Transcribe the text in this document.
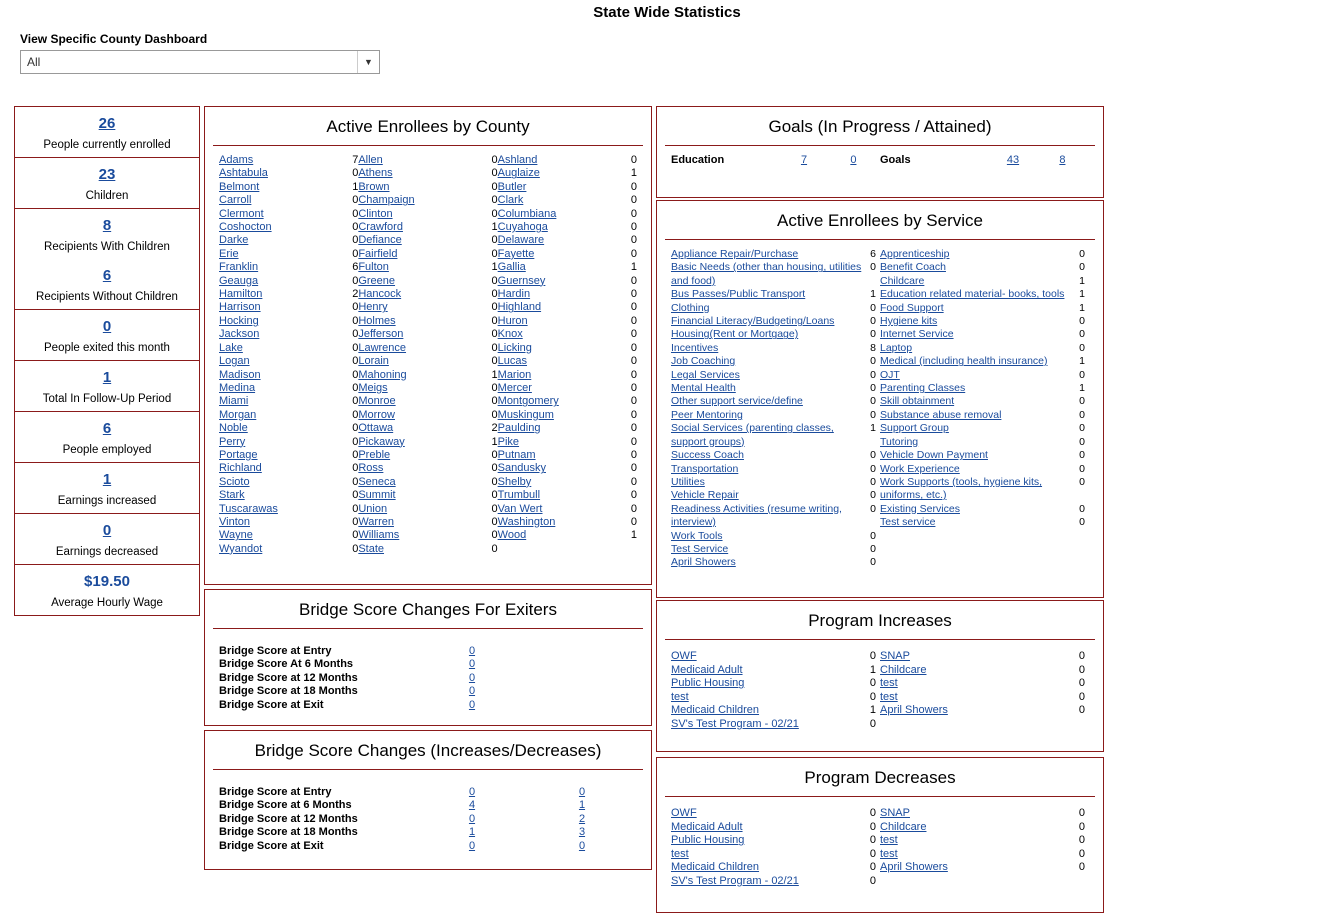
State Wide Statistics
View Specific County Dashboard
All	▼
26
People currently enrolled
23
Children
8
Recipients With Children
6
Recipients Without Children
0
People exited this month
1
Total In Follow-Up Period
6
People employed
1
Earnings increased
0
Earnings decreased
$19.50
Average Hourly Wage
Active Enrollees by County
Adams	7
Ashtabula	0
Belmont	1
Carroll	0
Clermont	0
Coshocton	0
Darke	0
Erie	0
Franklin	6
Geauga	0
Hamilton	2
Harrison	0
Hocking	0
Jackson	0
Lake	0
Logan	0
Madison	0
Medina	0
Miami	0
Morgan	0
Noble	0
Perry	0
Portage	0
Richland	0
Scioto	0
Stark	0
Tuscarawas	0
Vinton	0
Wayne	0
Wyandot	0
Allen	0
Athens	0
Brown	0
Champaign	0
Clinton	0
Crawford	1
Defiance	0
Fairfield	0
Fulton	1
Greene	0
Hancock	0
Henry	0
Holmes	0
Jefferson	0
Lawrence	0
Lorain	0
Mahoning	1
Meigs	0
Monroe	0
Morrow	0
Ottawa	2
Pickaway	1
Preble	0
Ross	0
Seneca	0
Summit	0
Union	0
Warren	0
Williams	0
State	0
Ashland	0
Auglaize	1
Butler	0
Clark	0
Columbiana	0
Cuyahoga	0
Delaware	0
Fayette	0
Gallia	1
Guernsey	0
Hardin	0
Highland	0
Huron	0
Knox	0
Licking	0
Lucas	0
Marion	0
Mercer	0
Montgomery	0
Muskingum	0
Paulding	0
Pike	0
Putnam	0
Sandusky	0
Shelby	0
Trumbull	0
Van Wert	0
Washington	0
Wood	1
Bridge Score Changes For Exiters
Bridge Score at Entry	0
Bridge Score At 6 Months	0
Bridge Score at 12 Months	0
Bridge Score at 18 Months	0
Bridge Score at Exit	0
Bridge Score Changes (Increases/Decreases)
Bridge Score at Entry	0	0
Bridge Score at 6 Months	4	1
Bridge Score at 12 Months	0	2
Bridge Score at 18 Months	1	3
Bridge Score at Exit	0	0
Goals (In Progress / Attained)
Education	7	0	Goals	43	8
Active Enrollees by Service
Appliance Repair/Purchase	6
Basic Needs (other than housing, utilities and food)
0
Bus Passes/Public Transport	1
Clothing	0
Financial Literacy/Budgeting/Loans	0
Housing(Rent or Mortgage)	0
Incentives	8
Job Coaching	0
Legal Services	0
Mental Health	0
Other support service/define	0
Peer Mentoring	0
Social Services (parenting classes, support groups)
1
Success Coach	0
Transportation	0
Utilities	0
Vehicle Repair	0
Readiness Activities (resume writing, interview)
0
Work Tools	0
Test Service	0
April Showers	0
Apprenticeship	0
Benefit Coach	0
Childcare	1
Education related material- books, tools	1
Food Support	1
Hygiene kits	0
Internet Service	0
Laptop	0
Medical (including health insurance)	1
OJT	0
Parenting Classes	1
Skill obtainment	0
Substance abuse removal	0
Support Group	0
Tutoring	0
Vehicle Down Payment	0
Work Experience	0
Work Supports (tools, hygiene kits, uniforms, etc.)
0
Existing Services	0
Test service	0
Program Increases
OWF	0
Medicaid Adult	1
Public Housing	0
test	0
Medicaid Children	1
SV's Test Program - 02/21	0
SNAP	0
Childcare	0
test	0
test	0
April Showers	0
Program Decreases
OWF	0
Medicaid Adult	0
Public Housing	0
test	0
Medicaid Children	0
SV's Test Program - 02/21	0
SNAP	0
Childcare	0
test	0
test	0
April Showers	0
